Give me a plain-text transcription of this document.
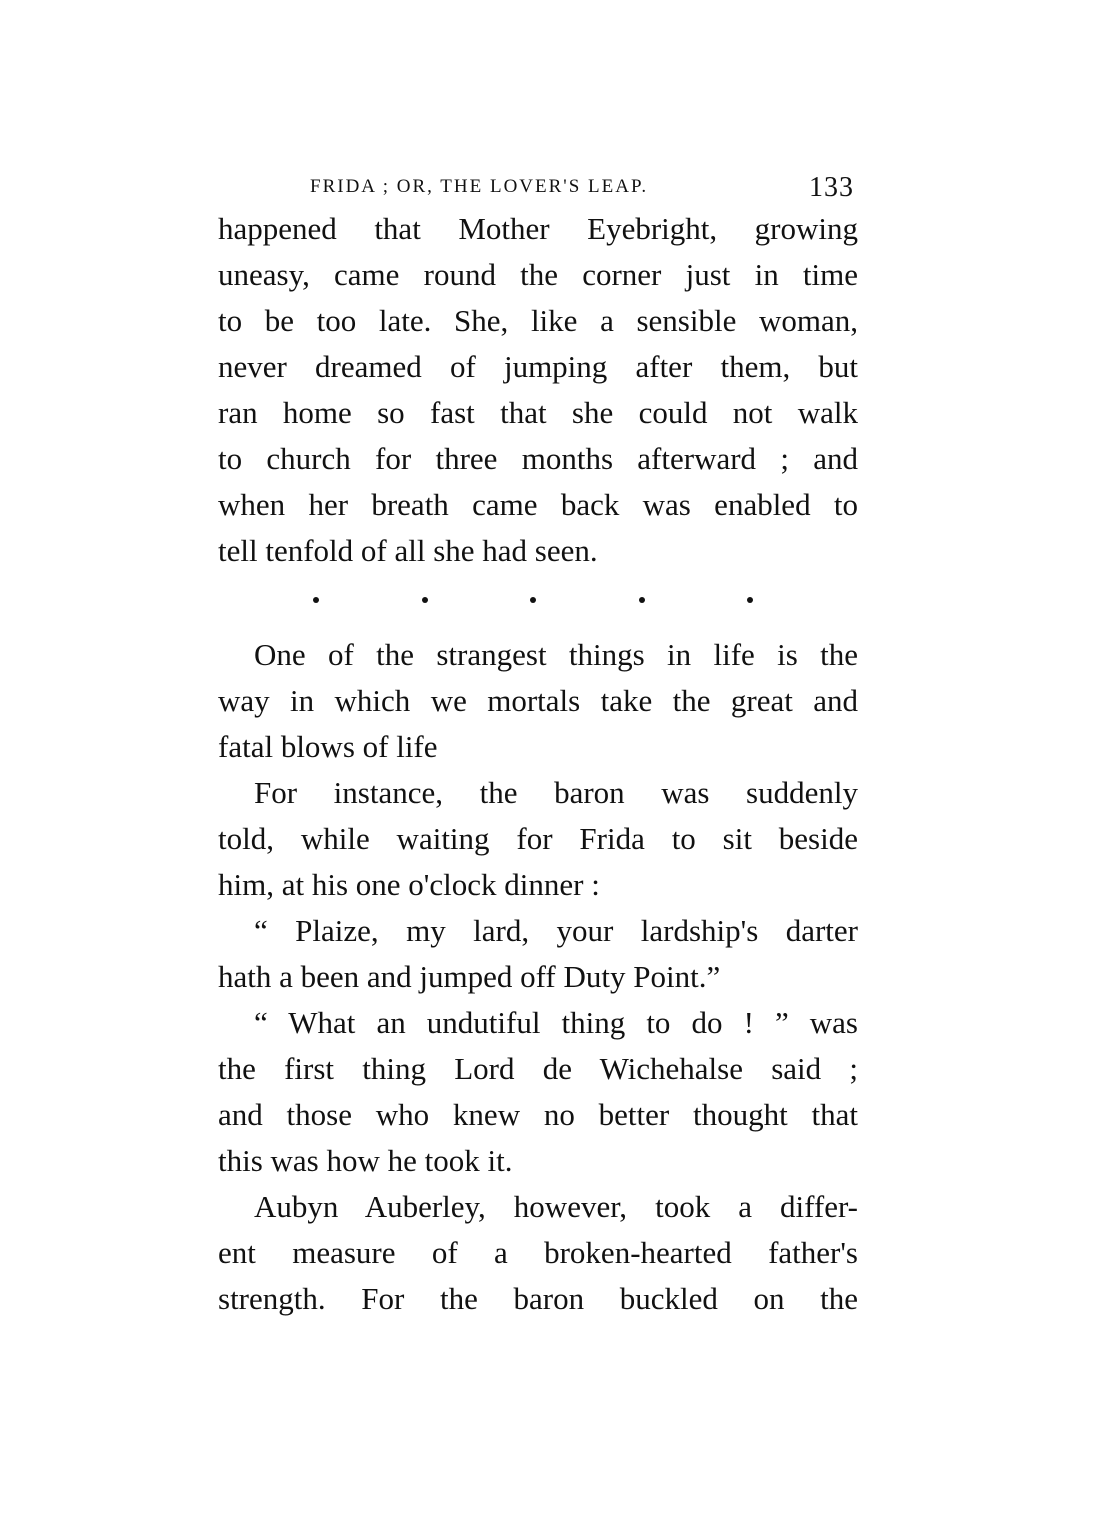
FRIDA ; OR, THE LOVER'S LEAP.	133
happened that Mother Eyebright, growing
uneasy, came round the corner just in time
to be too late. She, like a sensible woman,
never dreamed of jumping after them, but
ran home so fast that she could not walk
to church for three months afterward ; and
when her breath came back was enabled to
tell tenfold of all she had seen.
One of the strangest things in life is the
way in which we mortals take the great and
fatal blows of life
For instance, the baron was suddenly
told, while waiting for Frida to sit beside
him, at his one o'clock dinner :
“ Plaize, my lard, your lardship's darter
hath a been and jumped off Duty Point.”
“ What an undutiful thing to do ! ” was
the first thing Lord de Wichehalse said ;
and those who knew no better thought that
this was how he took it.
Aubyn Auberley, however, took a differ-
ent measure of a broken-hearted father's
strength. For the baron buckled on the
